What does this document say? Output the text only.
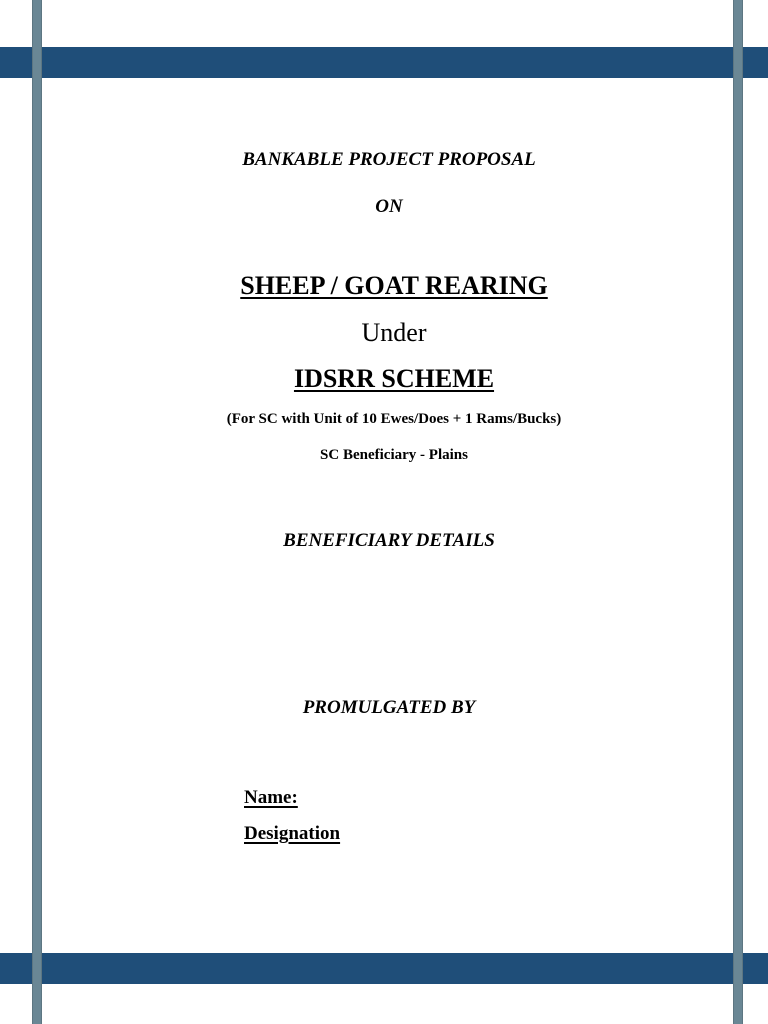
BANKABLE PROJECT PROPOSAL
ON
SHEEP / GOAT REARING
Under
IDSRR SCHEME
(For SC with Unit of 10 Ewes/Does + 1 Rams/Bucks)
SC Beneficiary - Plains
BENEFICIARY DETAILS
PROMULGATED BY
Name:
Designation
